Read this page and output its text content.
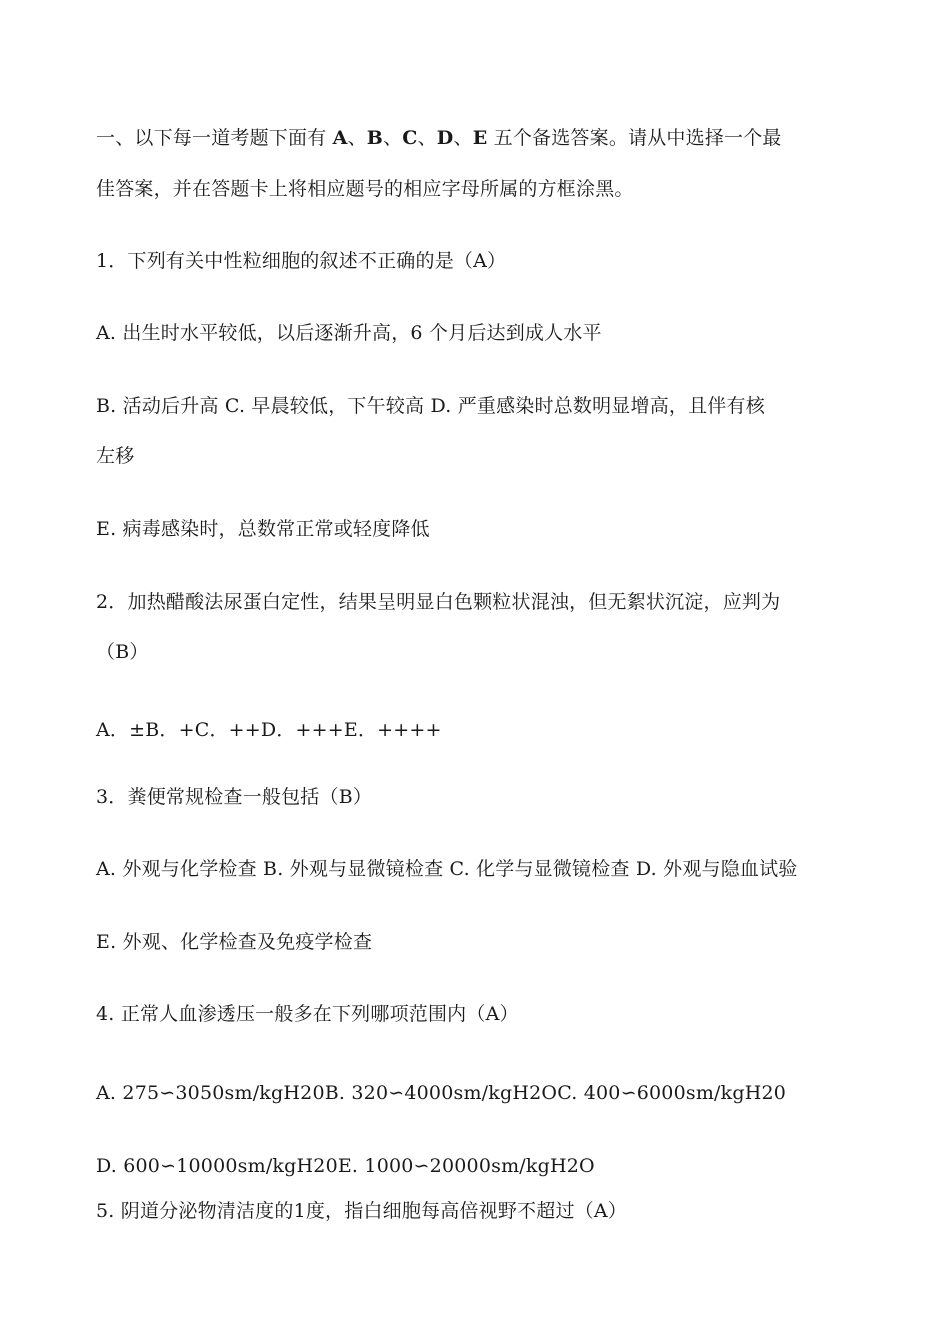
一、以下每一道考题下面有 A、B、C、D、E 五个备选答案。请从中选择一个最
佳答案，并在答题卡上将相应题号的相应字母所属的方框涂黑。
1．下列有关中性粒细胞的叙述不正确的是（A）
A. 出生时水平较低，以后逐渐升高，6 个月后达到成人水平
B. 活动后升高 C. 早晨较低，下午较高 D. 严重感染时总数明显增高，且伴有核
左移
E. 病毒感染时，总数常正常或轻度降低
2．加热醋酸法尿蛋白定性，结果呈明显白色颗粒状混浊，但无絮状沉淀，应判为
（B）
A．±B．+C．++D．+++E．++++
3．粪便常规检查一般包括（B）
A. 外观与化学检查 B. 外观与显微镜检查 C. 化学与显微镜检查 D. 外观与隐血试验
E. 外观、化学检查及免疫学检查
4. 正常人血渗透压一般多在下列哪项范围内（A）
A. 275∽3050sm/kgH20B. 320∽4000sm/kgH2OC. 400∽6000sm/kgH20
D. 600∽10000sm/kgH20E. 1000∽20000sm/kgH2O
5. 阴道分泌物清洁度的1度，指白细胞每高倍视野不超过（A）
